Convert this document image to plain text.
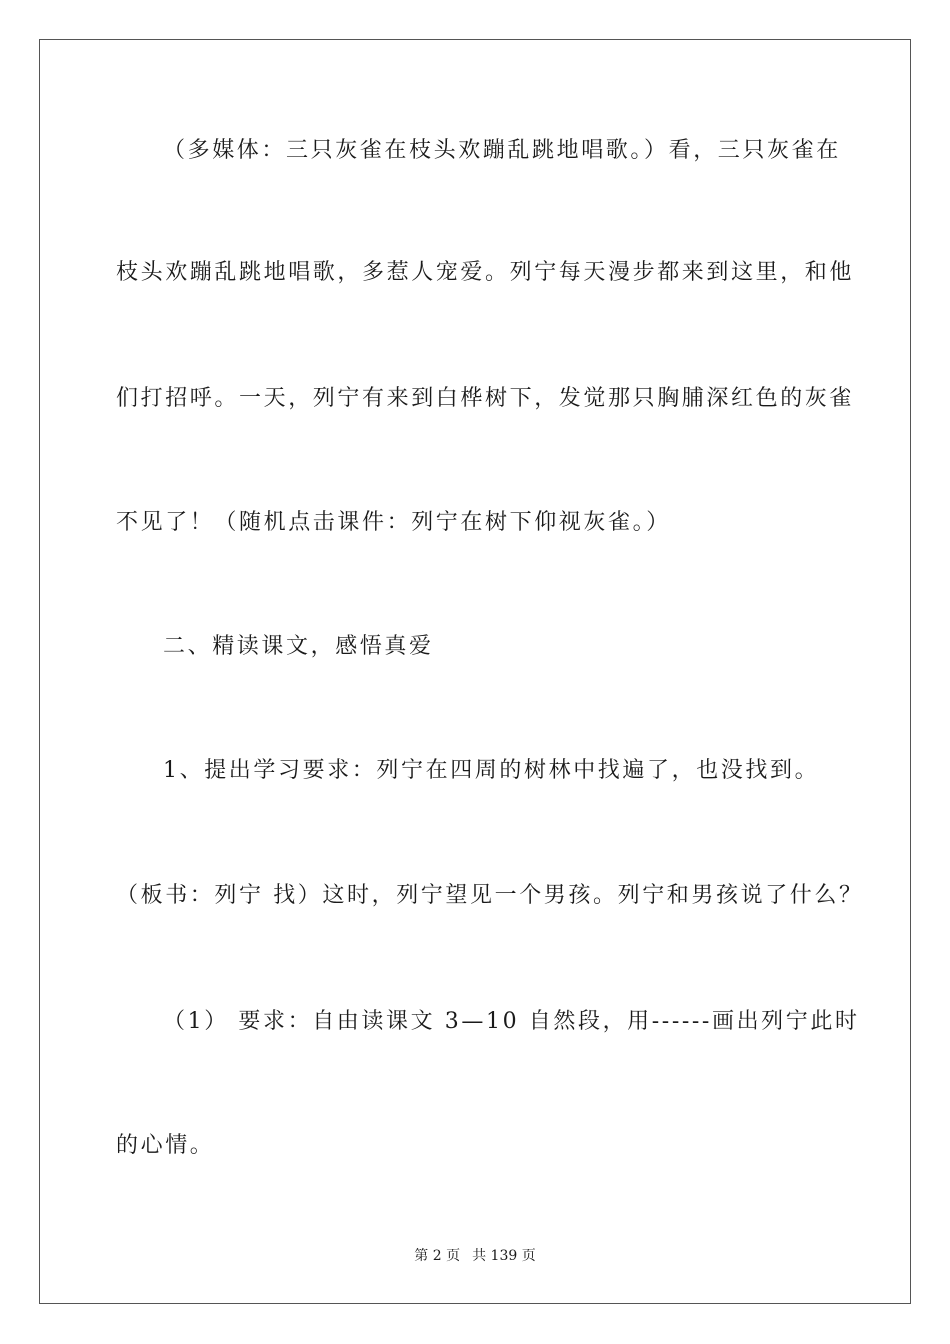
（多媒体：三只灰雀在枝头欢蹦乱跳地唱歌。）看，三只灰雀在
枝头欢蹦乱跳地唱歌，多惹人宠爱。列宁每天漫步都来到这里，和他
们打招呼。一天，列宁有来到白桦树下，发觉那只胸脯深红色的灰雀
不见了！（随机点击课件：列宁在树下仰视灰雀。）
二、精读课文，感悟真爱
1、提出学习要求：列宁在四周的树林中找遍了，也没找到。
（板书：列宁 找）这时，列宁望见一个男孩。列宁和男孩说了什么？
（1） 要求：自由读课文 3—10 自然段，用------画出列宁此时
的心情。
第 2 页 共 139 页
